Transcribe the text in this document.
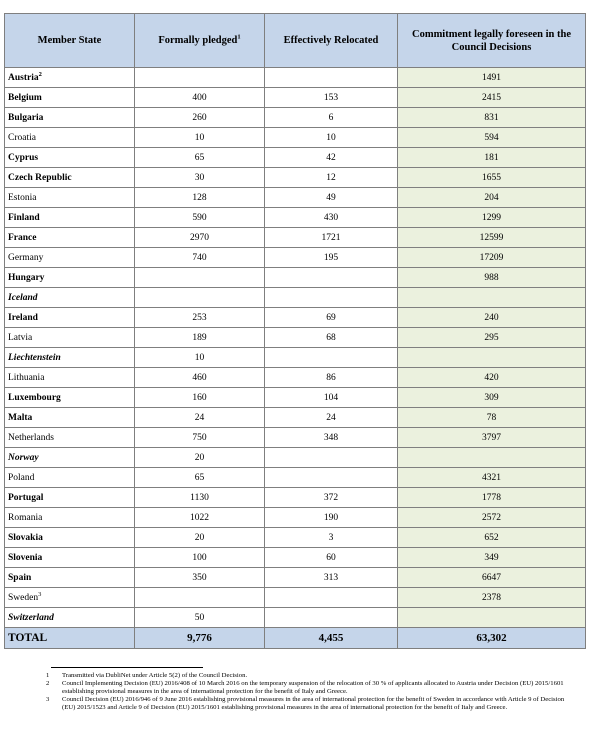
Member State	Formally pledged$^1$	Effectively Relocated	Commitment legally foreseen in the Council Decisions
Austria$^2$			1491
Belgium	400	153	2415
Bulgaria	260	6	831
Croatia	10	10	594
Cyprus	65	42	181
Czech Republic	30	12	1655
Estonia	128	49	204
Finland	590	430	1299
France	2970	1721	12599
Germany	740	195	17209
Hungary			988
Iceland			
Ireland	253	69	240
Latvia	189	68	295
Liechtenstein	10		
Lithuania	460	86	420
Luxembourg	160	104	309
Malta	24	24	78
Netherlands	750	348	3797
Norway	20		
Poland	65		4321
Portugal	1130	372	1778
Romania	1022	190	2572
Slovakia	20	3	652
Slovenia	100	60	349
Spain	350	313	6647
Sweden$^3$			2378
Switzerland	50		
TOTAL	9,776	4,455	63,302
1	Transmitted via DubliNet under Article 5(2) of the Council Decision.
2	Council Implementing Decision (EU) 2016/408 of 10 March 2016 on the temporary suspension of the relocation of 30 % of applicants allocated to Austria under Decision (EU) 2015/1601 establishing provisional measures in the area of international protection for the benefit of Italy and Greece.
3	Council Decision (EU) 2016/946 of 9 June 2016 establishing provisional measures in the area of international protection for the benefit of Sweden in accordance with Article 9 of Decision (EU) 2015/1523 and Article 9 of Decision (EU) 2015/1601 establishing provisional measures in the area of international protection for the benefit of Italy and Greece.
